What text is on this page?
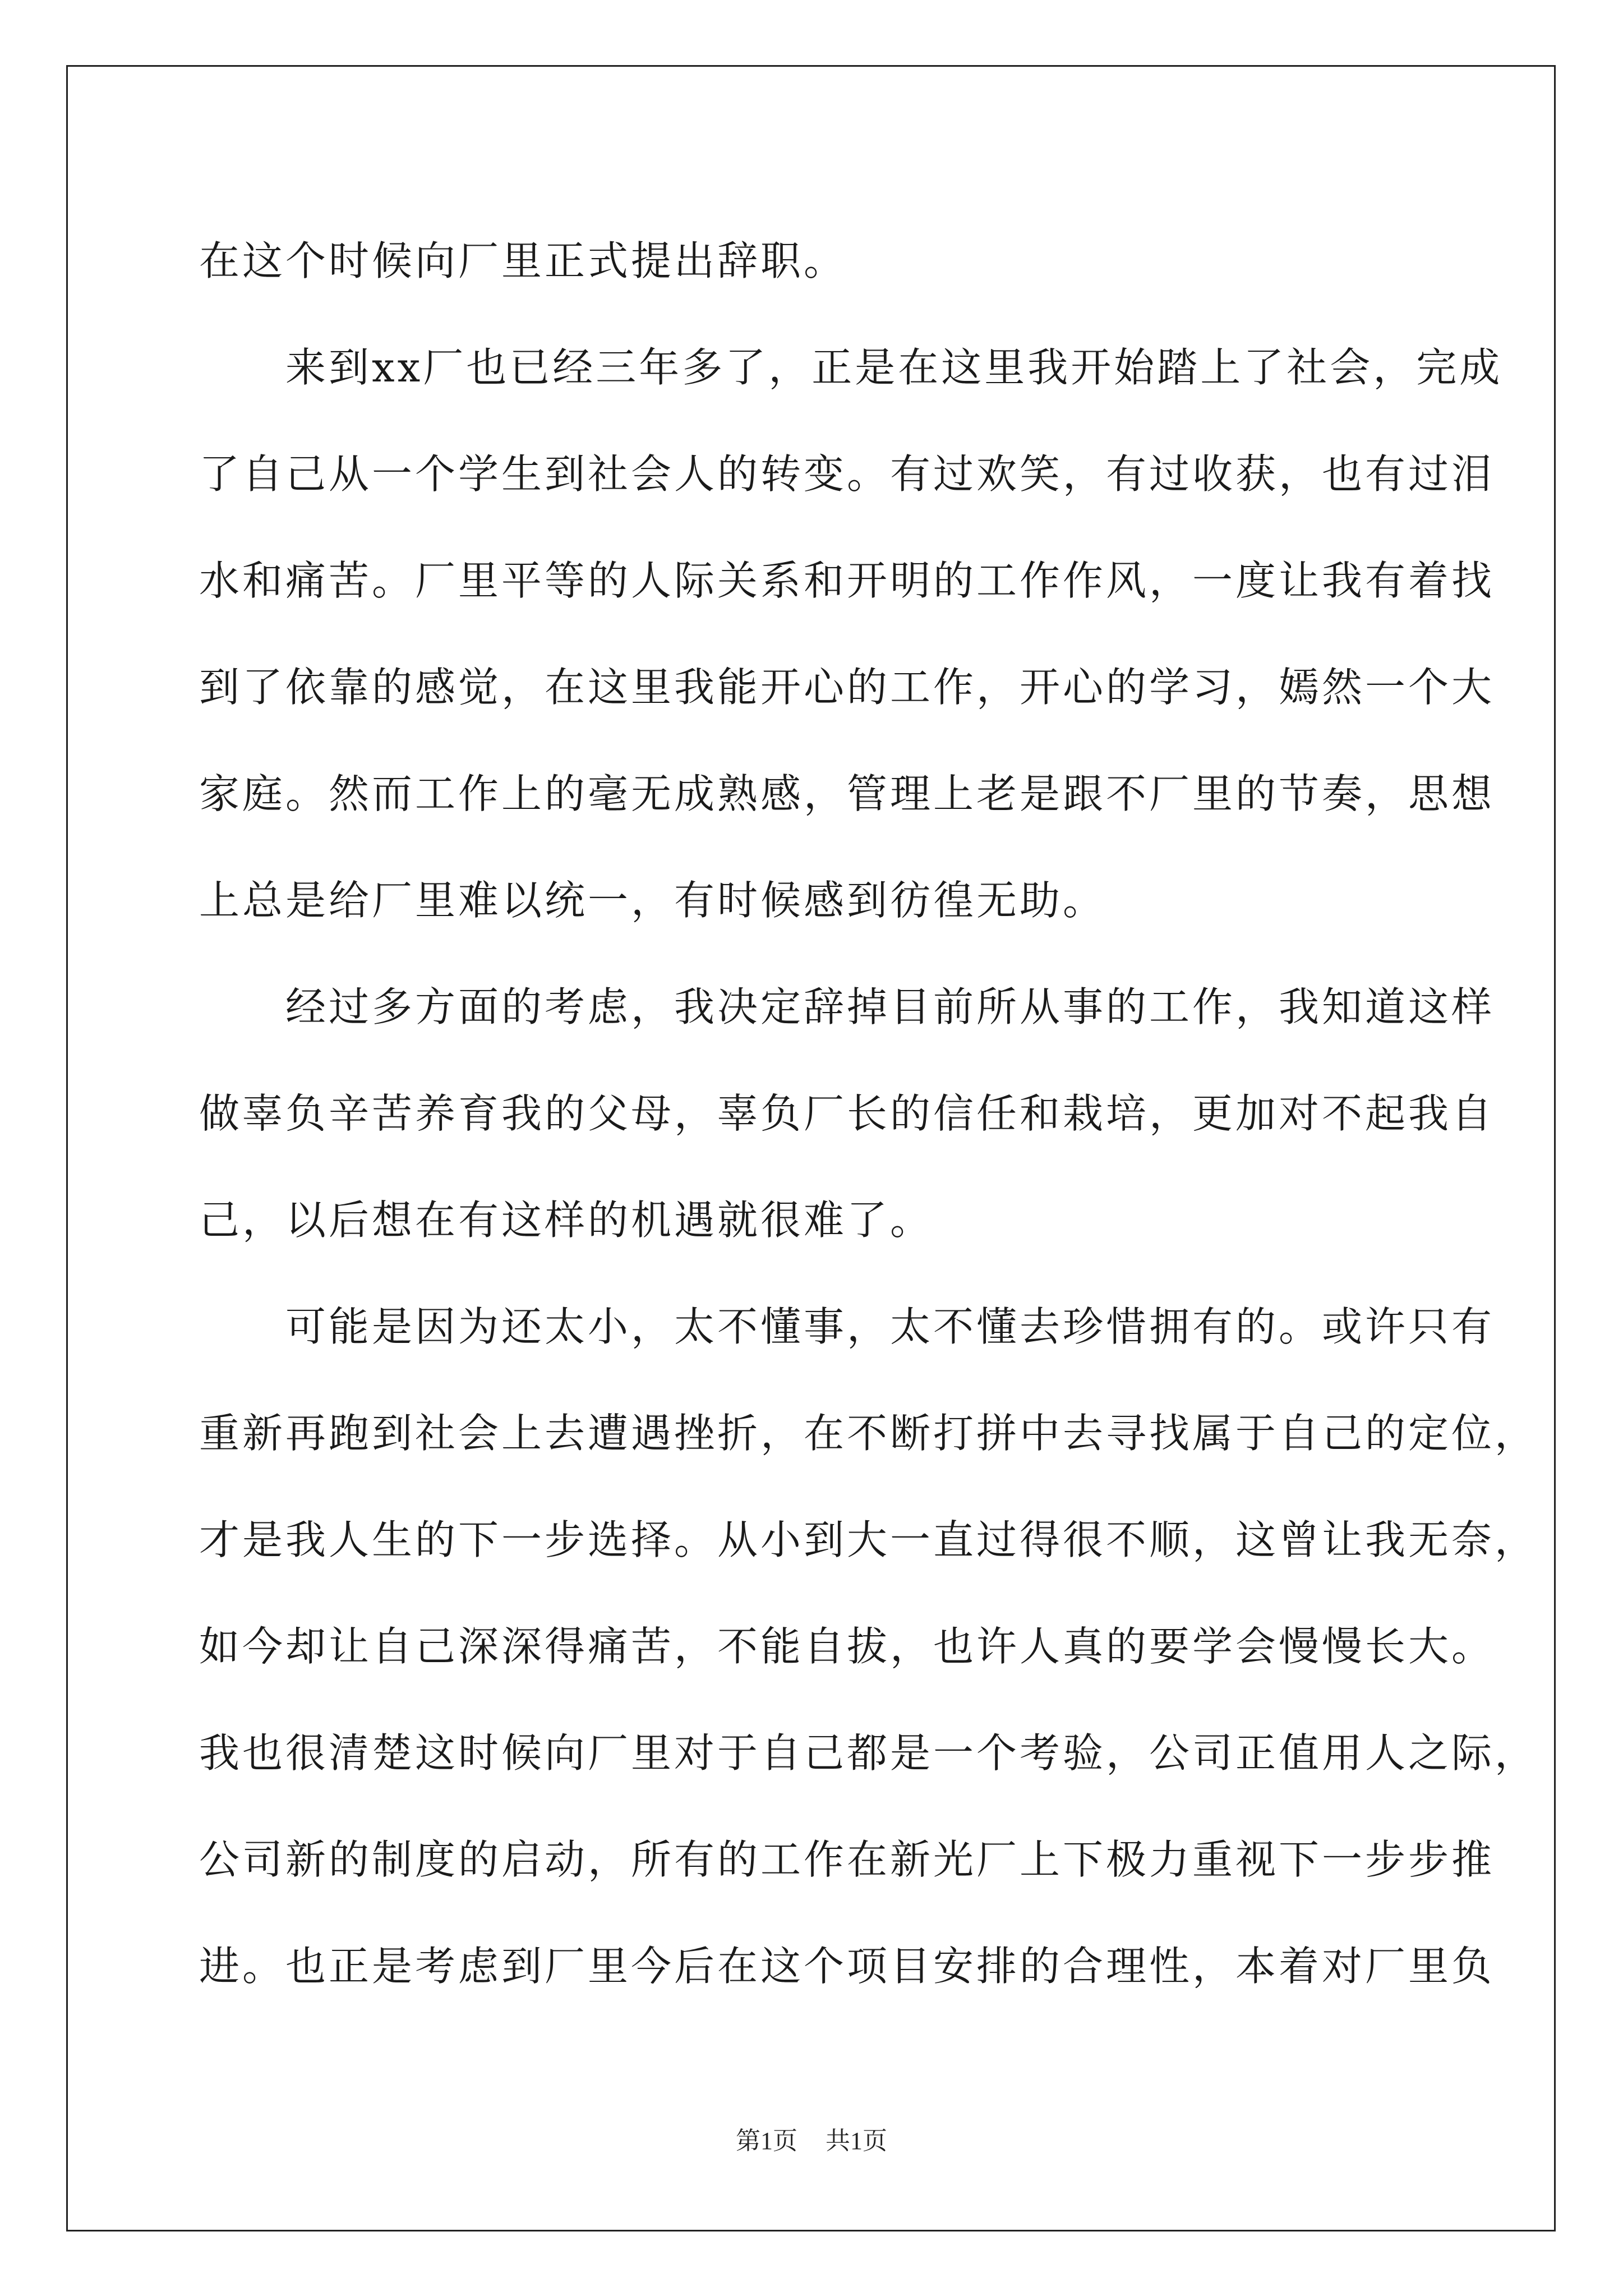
在这个时候向厂里正式提出辞职。
　　来到xx厂也已经三年多了，正是在这里我开始踏上了社会，完成
了自己从一个学生到社会人的转变。有过欢笑，有过收获，也有过泪
水和痛苦。厂里平等的人际关系和开明的工作作风，一度让我有着找
到了依靠的感觉，在这里我能开心的工作，开心的学习，嫣然一个大
家庭。然而工作上的毫无成熟感，管理上老是跟不厂里的节奏，思想
上总是给厂里难以统一，有时候感到彷徨无助。
　　经过多方面的考虑，我决定辞掉目前所从事的工作，我知道这样
做辜负辛苦养育我的父母，辜负厂长的信任和栽培，更加对不起我自
己，以后想在有这样的机遇就很难了。
　　可能是因为还太小，太不懂事，太不懂去珍惜拥有的。或许只有
重新再跑到社会上去遭遇挫折，在不断打拼中去寻找属于自己的定位，
才是我人生的下一步选择。从小到大一直过得很不顺，这曾让我无奈，
如今却让自己深深得痛苦，不能自拔，也许人真的要学会慢慢长大。
我也很清楚这时候向厂里对于自己都是一个考验，公司正值用人之际，
公司新的制度的启动，所有的工作在新光厂上下极力重视下一步步推
进。也正是考虑到厂里今后在这个项目安排的合理性，本着对厂里负
第1页 共1页
